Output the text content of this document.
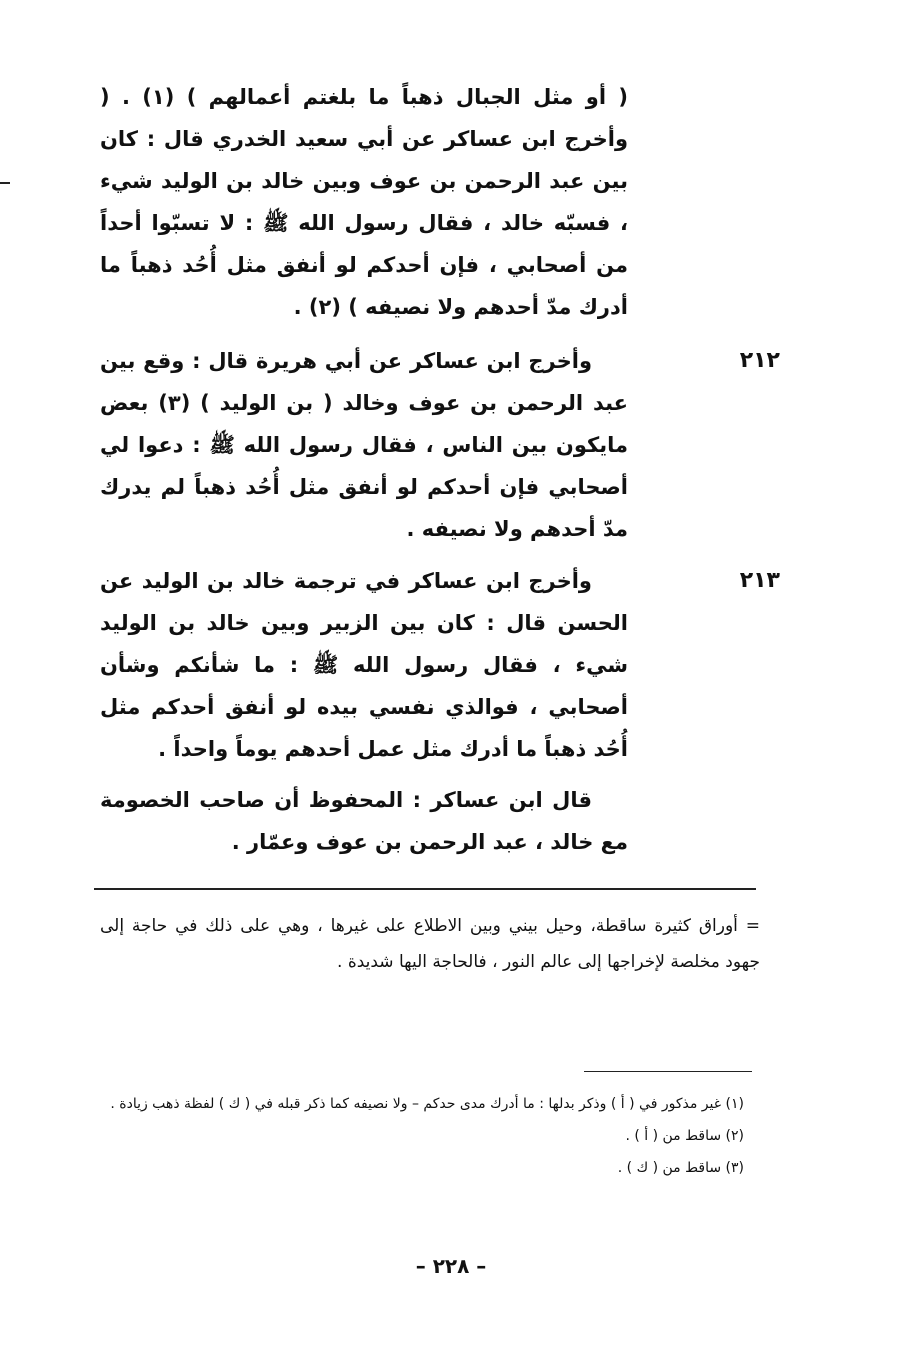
( أو مثل الجبال ذهباً ما بلغتم أعمالهم ) (١) . ( وأخرج ابن عساكر عن أبي سعيد الخدري قال : كان بين عبد الرحمن بن عوف وبين خالد بن الوليد شيء ، فسبّه خالد ، فقال رسول الله ﷺ : لا تسبّوا أحداً من أصحابي ، فإن أحدكم لو أنفق مثل أُحُد ذهباً ما أدرك مدّ أحدهم ولا نصيفه ) (٢) .

٢١٢

وأخرج ابن عساكر عن أبي هريرة قال : وقع بين عبد الرحمن بن عوف وخالد ( بن الوليد ) (٣) بعض مايكون بين الناس ، فقال رسول الله ﷺ : دعوا لي أصحابي فإن أحدكم لو أنفق مثل أُحُد ذهباً لم يدرك مدّ أحدهم ولا نصيفه .

٢١٣

وأخرج ابن عساكر في ترجمة خالد بن الوليد عن الحسن قال : كان بين الزبير وبين خالد بن الوليد شيء ، فقال رسول الله ﷺ : ما شأنكم وشأن أصحابي ، فوالذي نفسي بيده لو أنفق أحدكم مثل أُحُد ذهباً ما أدرك مثل عمل أحدهم يوماً واحداً .

قال ابن عساكر : المحفوظ أن صاحب الخصومة مع خالد ، عبد الرحمن بن عوف وعمّار .

= أوراق كثيرة ساقطة، وحيل بيني وبين الاطلاع على غيرها ، وهي على ذلك في حاجة إلى جهود مخلصة لإخراجها إلى عالم النور ، فالحاجة اليها شديدة .

(١) غير مذكور في ( أ ) وذكر بدلها : ما أدرك مدى حدكم – ولا نصيفه كما ذكر قبله في ( ك ) لفظة ذهب زيادة .
(٢) ساقط من ( أ ) .
(٣) ساقط من ( ك ) .
– ٢٢٨ –
